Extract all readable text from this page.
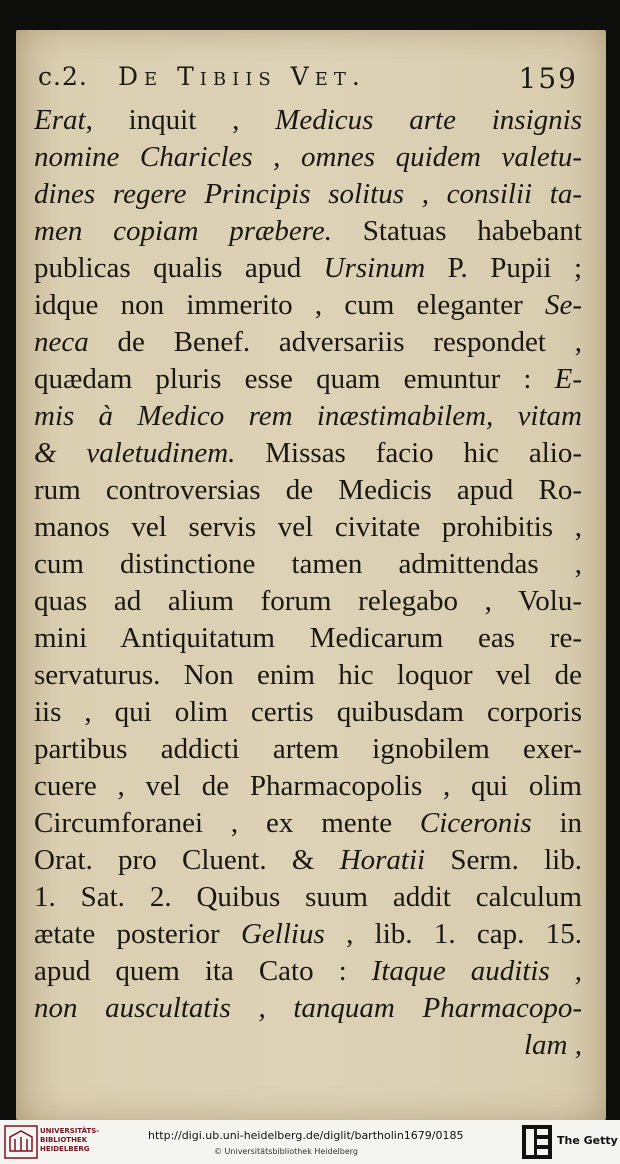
c.2. De Tibiis Vet.	159
Erat, inquit , Medicus arte insignis
nomine Charicles , omnes quidem valetu-
dines regere Principis solitus , consilii ta-
men copiam præbere. Statuas habebant
publicas qualis apud Ursinum P. Pupii ;
idque non immerito , cum eleganter Se-
neca de Benef. adversariis respondet ,
quædam pluris esse quam emuntur : E-
mis à Medico rem inæstimabilem, vitam
& valetudinem. Missas facio hic alio-
rum controversias de Medicis apud Ro-
manos vel servis vel civitate prohibitis ,
cum distinctione tamen admittendas ,
quas ad alium forum relegabo , Volu-
mini Antiquitatum Medicarum eas re-
servaturus. Non enim hic loquor vel de
iis , qui olim certis quibusdam corporis
partibus addicti artem ignobilem exer-
cuere , vel de Pharmacopolis , qui olim
Circumforanei , ex mente Ciceronis in
Orat. pro Cluent. & Horatii Serm. lib.
1. Sat. 2. Quibus suum addit calculum
ætate posterior Gellius , lib. 1. cap. 15.
apud quem ita Cato : Itaque auditis ,
non auscultatis , tanquam Pharmacopo-
lam ,
UNIVERSITÄTS-
BIBLIOTHEK
HEIDELBERG
http://digi.ub.uni-heidelberg.de/diglit/bartholin1679/0185
© Universitätsbibliothek Heidelberg
The Getty
